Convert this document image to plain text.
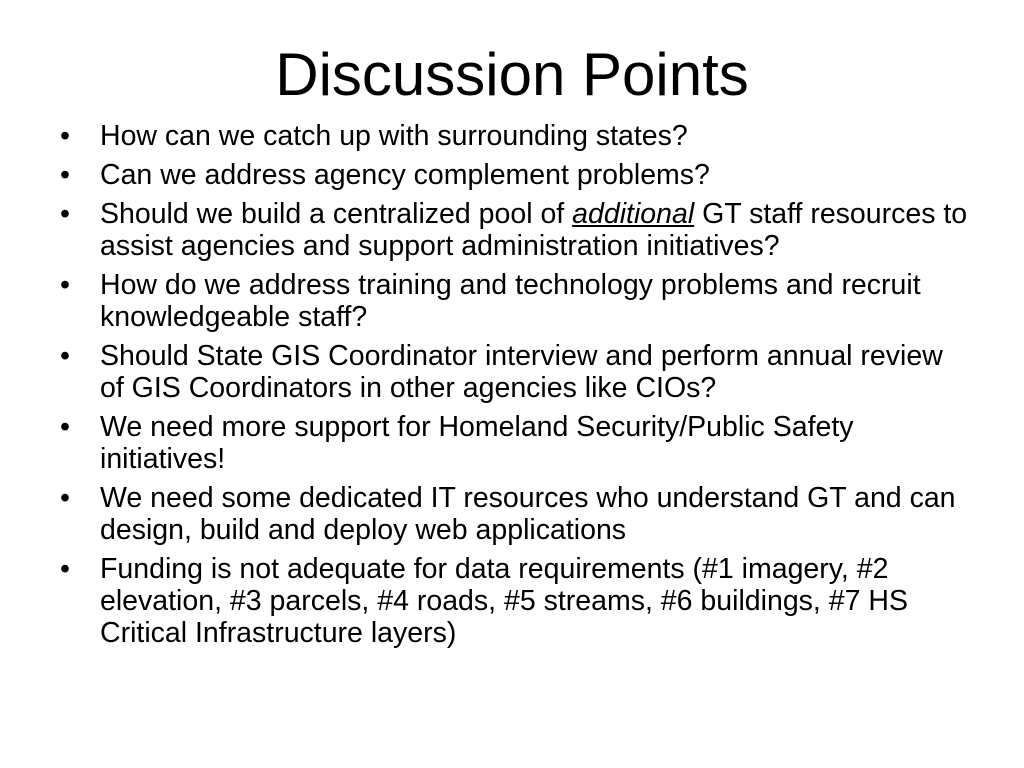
Discussion Points
•	How can we catch up with surrounding states?
•	Can we address agency complement problems?
•	Should we build a centralized pool of additional GT staff resources to assist agencies and support administration initiatives?
•	How do we address training and technology problems and recruit knowledgeable staff?
•	Should State GIS Coordinator interview and perform annual review of GIS Coordinators in other agencies like CIOs?
•	We need more support for Homeland Security/Public Safety initiatives!
•	We need some dedicated IT resources who understand GT and can design, build and deploy web applications
•	Funding is not adequate for data requirements (#1 imagery, #2 elevation, #3 parcels, #4 roads, #5 streams, #6 buildings, #7 HS Critical Infrastructure layers)
